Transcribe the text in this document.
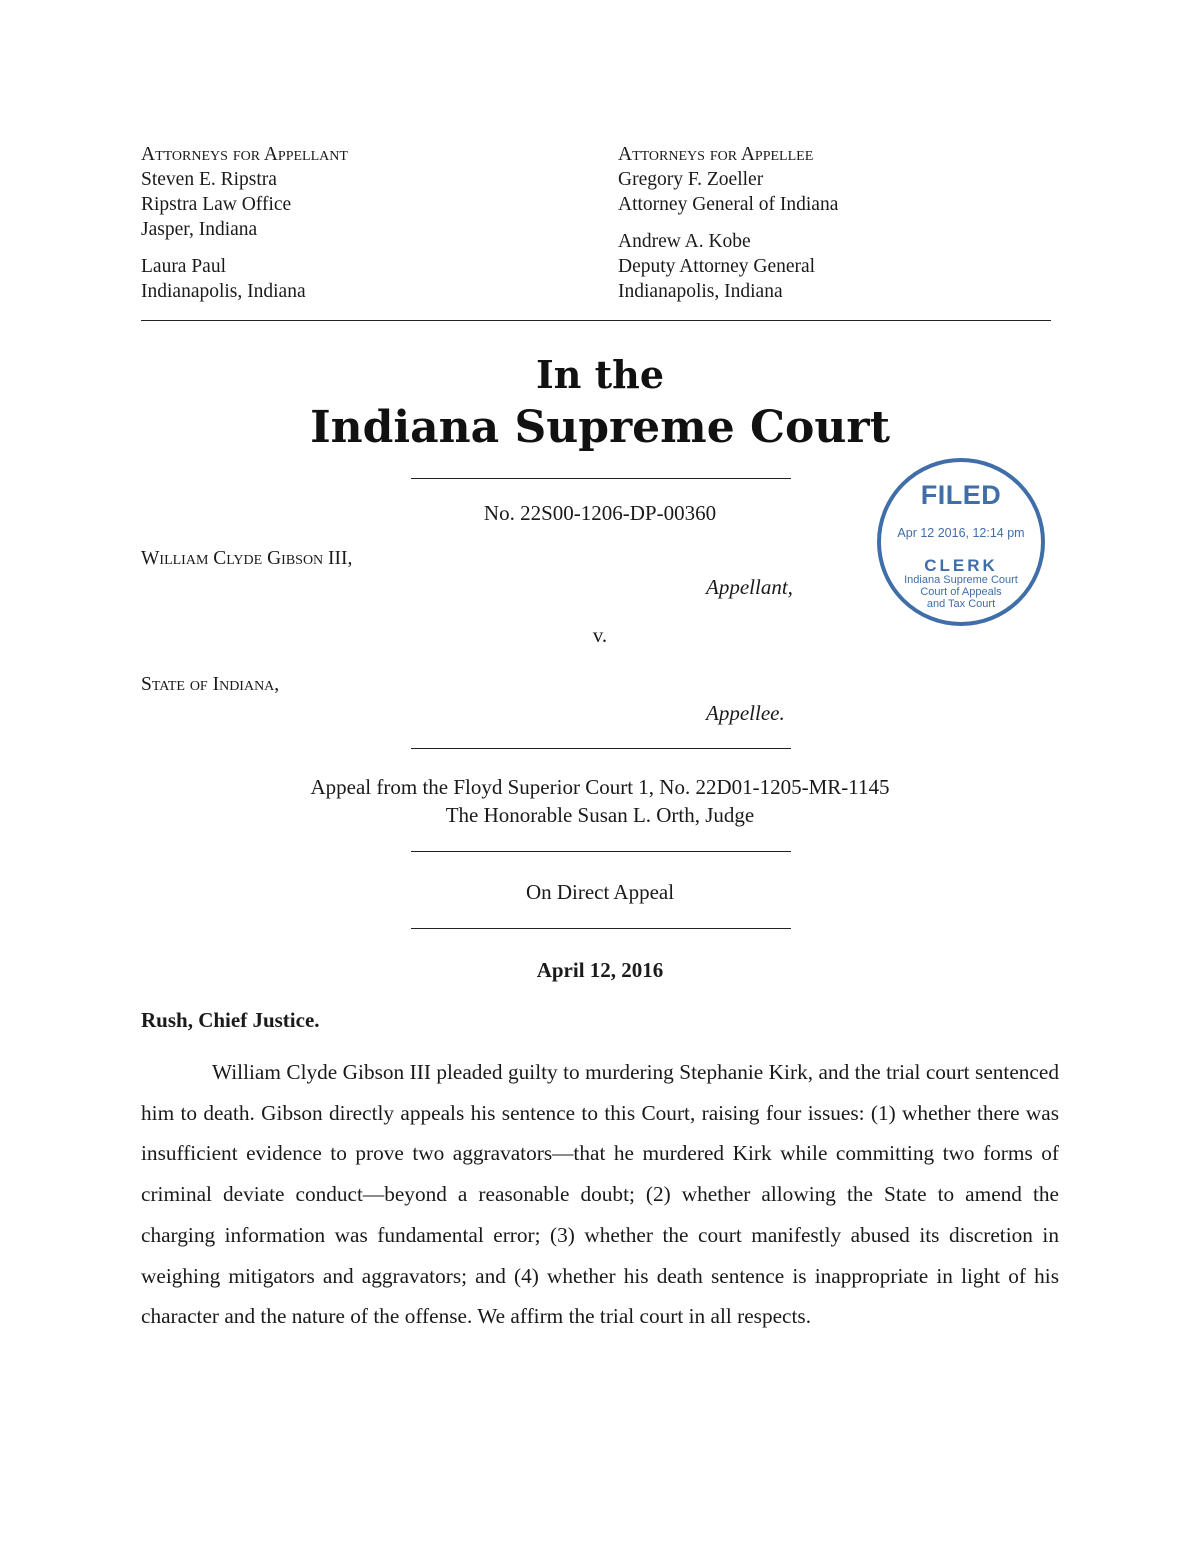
Attorneys for Appellant
Steven E. Ripstra
Ripstra Law Office
Jasper, Indiana
Laura Paul
Indianapolis, Indiana
Attorneys for Appellee
Gregory F. Zoeller
Attorney General of Indiana
Andrew A. Kobe
Deputy Attorney General
Indianapolis, Indiana
In the
Indiana Supreme Court
No. 22S00-1206-DP-00360
William Clyde Gibson III,
Appellant,
v.
State of Indiana,
Appellee.
Appeal from the Floyd Superior Court 1, No. 22D01-1205-MR-1145
The Honorable Susan L. Orth, Judge
On Direct Appeal
April 12, 2016
Rush, Chief Justice.

William Clyde Gibson III pleaded guilty to murdering Stephanie Kirk, and the trial court sentenced him to death. Gibson directly appeals his sentence to this Court, raising four issues: (1) whether there was insufficient evidence to prove two aggravators—that he murdered Kirk while committing two forms of criminal deviate conduct—beyond a reasonable doubt; (2) whether allowing the State to amend the charging information was fundamental error; (3) whether the court manifestly abused its discretion in weighing mitigators and aggravators; and (4) whether his death sentence is inappropriate in light of his character and the nature of the offense. We affirm the trial court in all respects.

FILED
Apr 12 2016, 12:14 pm
CLERK
Indiana Supreme Court
Court of Appeals
and Tax Court
